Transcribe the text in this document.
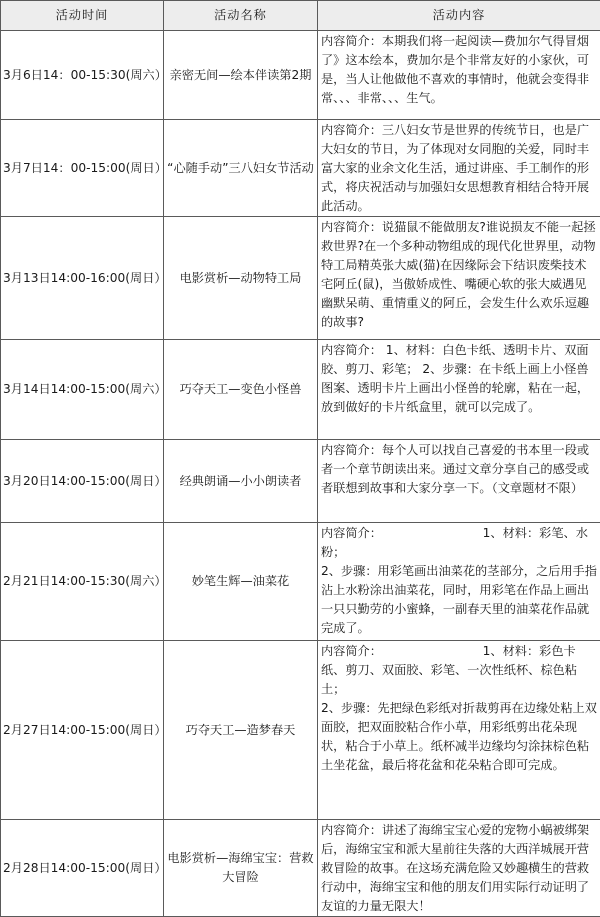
活动时间	活动名称	活动内容
3月6日14：00-15:30(周六）	亲密无间—绘本伴读第2期	内容简介：本期我们将一起阅读—费加尔气得冒烟了》这本绘本，费加尔是个非常友好的小家伙，可是，当人让他做他不喜欢的事情时，他就会变得非常、、、非常、、、生气。
3月7日14：00-15:00(周日）	“心随手动”三八妇女节活动	内容简介：三八妇女节是世界的传统节日，也是广大妇女的节日，为了体现对女同胞的关爱，同时丰富大家的业余文化生活，通过讲座、手工制作的形式，将庆祝活动与加强妇女思想教育相结合特开展此活动。
3月13日14:00-16:00(周日）	电影赏析—动物特工局	内容简介：说猫鼠不能做朋友?谁说损友不能一起拯救世界?在一个多种动物组成的现代化世界里，动物特工局精英张大威(猫)在因缘际会下结识废柴技术宅阿丘(鼠)，当傲娇成性、嘴硬心软的张大威遇见幽默呆萌、重情重义的阿丘，会发生什么欢乐逗趣的故事?
3月14日14:00-15:00(周六）	巧夺天工—变色小怪兽	内容简介： 1、材料：白色卡纸、透明卡片、双面胶、剪刀、彩笔； 2、步骤：在卡纸上画上小怪兽图案、透明卡片上画出小怪兽的轮廓，粘在一起，放到做好的卡片纸盒里，就可以完成了。
3月20日14:00-15:00(周日）	经典朗诵—小小朗读者	内容简介：每个人可以找自己喜爱的书本里一段或者一个章节朗读出来。通过文章分享自己的感受或者联想到故事和大家分享一下。（文章题材不限）
2月21日14:00-15:30(周六）	妙笔生辉—油菜花	内容简介：                          1、材料：彩笔、水粉；
2、步骤：用彩笔画出油菜花的茎部分，之后用手指沾上水粉涂出油菜花，同时，用彩笔在作品上画出一只只勤劳的小蜜蜂，一副春天里的油菜花作品就完成了。
2月27日14:00-15:00(周日）	巧夺天工—造梦春天	内容简介：                          1、材料：彩色卡纸、剪刀、双面胶、彩笔、一次性纸杯、棕色粘土；
2、步骤：先把绿色彩纸对折裁剪再在边缘处粘上双面胶，把双面胶粘合作小草，用彩纸剪出花朵现状，粘合于小草上。纸杯减半边缘均匀涂抹棕色粘土坐花盆，最后将花盆和花朵粘合即可完成。
2月28日14:00-15:00(周日）	电影赏析—海绵宝宝：营救大冒险	内容简介：讲述了海绵宝宝心爱的宠物小蜗被绑架后，海绵宝宝和派大星前往失落的大西洋城展开营救冒险的故事。在这场充满危险又妙趣横生的营救行动中，海绵宝宝和他的朋友们用实际行动证明了友谊的力量无限大！
